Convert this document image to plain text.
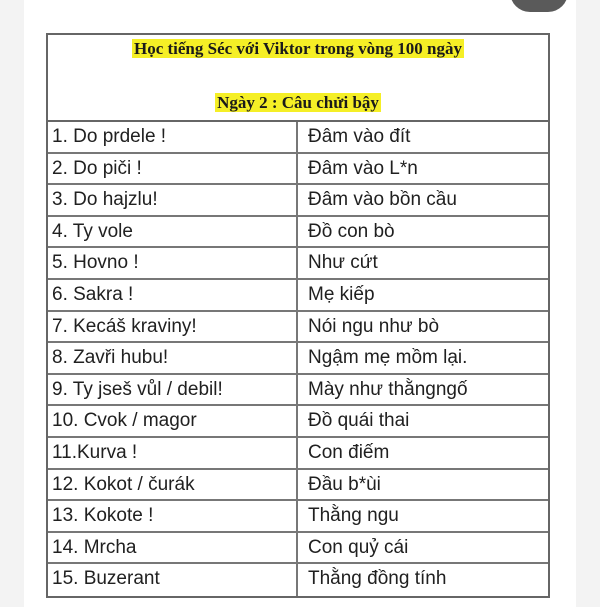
Học tiếng Séc với Viktor trong vòng 100 ngày
Ngày 2 : Câu chửi bậy
1. Do prdele !	Đâm vào đít
2. Do piči !	Đâm vào L*n
3. Do hajzlu!	Đâm vào bồn cầu
4. Ty vole	Đồ con bò
5. Hovno !	Như cứt
6. Sakra !	Mẹ kiếp
7. Kecáš kraviny!	Nói ngu như bò
8. Zavři hubu!	Ngậm mẹ mồm lại.
9. Ty jseš vůl / debil!	Mày như thằngngố
10. Cvok / magor	Đồ quái thai
11.Kurva !	Con điếm
12. Kokot / čurák	Đầu b*ùi
13. Kokote !	Thằng ngu
14. Mrcha	Con quỷ cái
15. Buzerant	Thằng đồng tính
